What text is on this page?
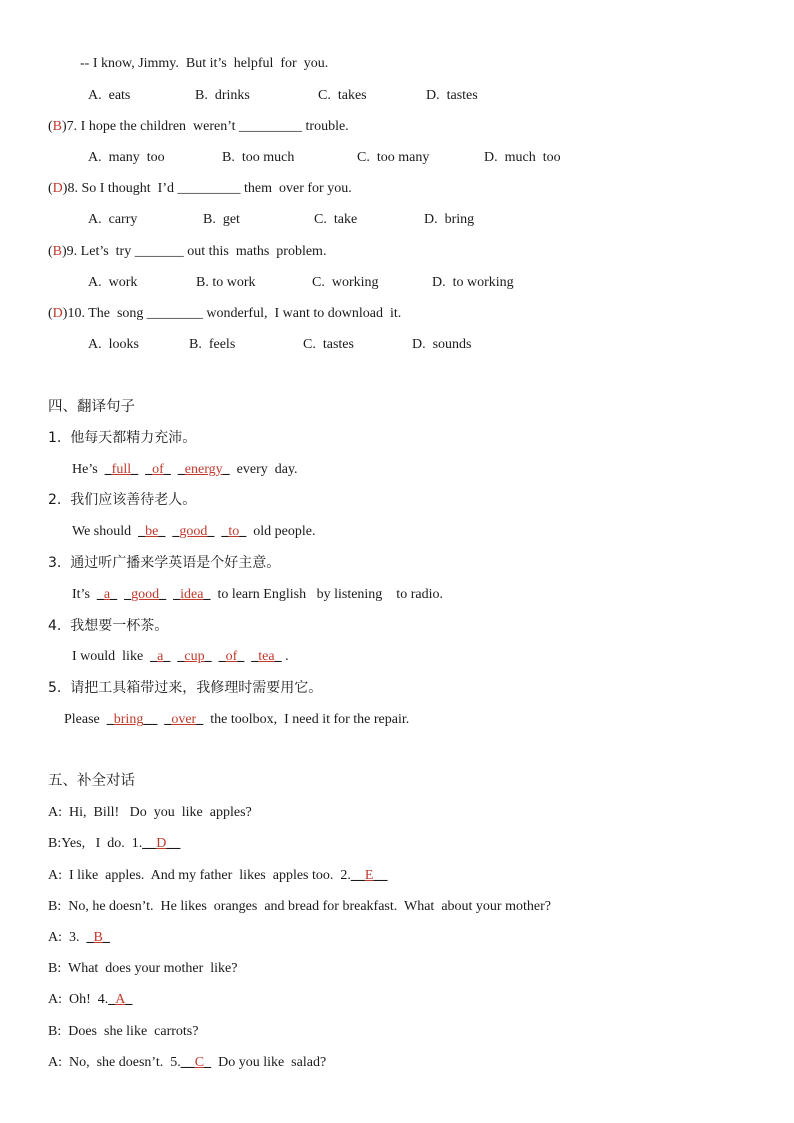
-- I know, Jimmy.  But it’s  helpful  for  you.
A.  eats	B.  drinks	C.  takes	D.  tastes
(B)7. I hope the children  weren’t _________ trouble.
A.  many  too	B.  too much	C.  too many	D.  much  too
(D)8. So I thought  I’d _________ them  over for you.
A.  carry	B.  get	C.  take	D.  bring
(B)9. Let’s  try _______ out this  maths  problem.
A.  work	B. to work	C.  working	D.  to working
(D)10. The  song ________ wonderful,  I want to download  it.
A.  looks	B.  feels	C.  tastes	D.  sounds
四、翻译句子
1.  他每天都精力充沛。
He’s  _full_ _of_ _energy_  every  day.
2.  我们应该善待老人。
We should  _be_ _good_ _to_  old people.
3.  通过听广播来学英语是个好主意。
It’s  _a_ _good_ _idea_  to learn English   by listening    to radio.
4.  我想要一杯茶。
I would  like  _a_ _cup_ _of_ _tea_ .
5.  请把工具箱带过来，我修理时需要用它。
Please  _bring__ _over_  the toolbox,  I need it for the repair.
五、补全对话
A:  Hi,  Bill!   Do  you  like  apples?
B:Yes,   I  do.  1.__D__
A:  I like  apples.  And my father  likes  apples too.  2.__E__
B:  No, he doesn’t.  He likes  oranges  and bread for breakfast.  What  about your mother?
A:  3.  _B_
B:  What  does your mother  like?
A:  Oh!  4._A_
B:  Does  she like  carrots?
A:  No,  she doesn’t.  5.__C_  Do you like  salad?
